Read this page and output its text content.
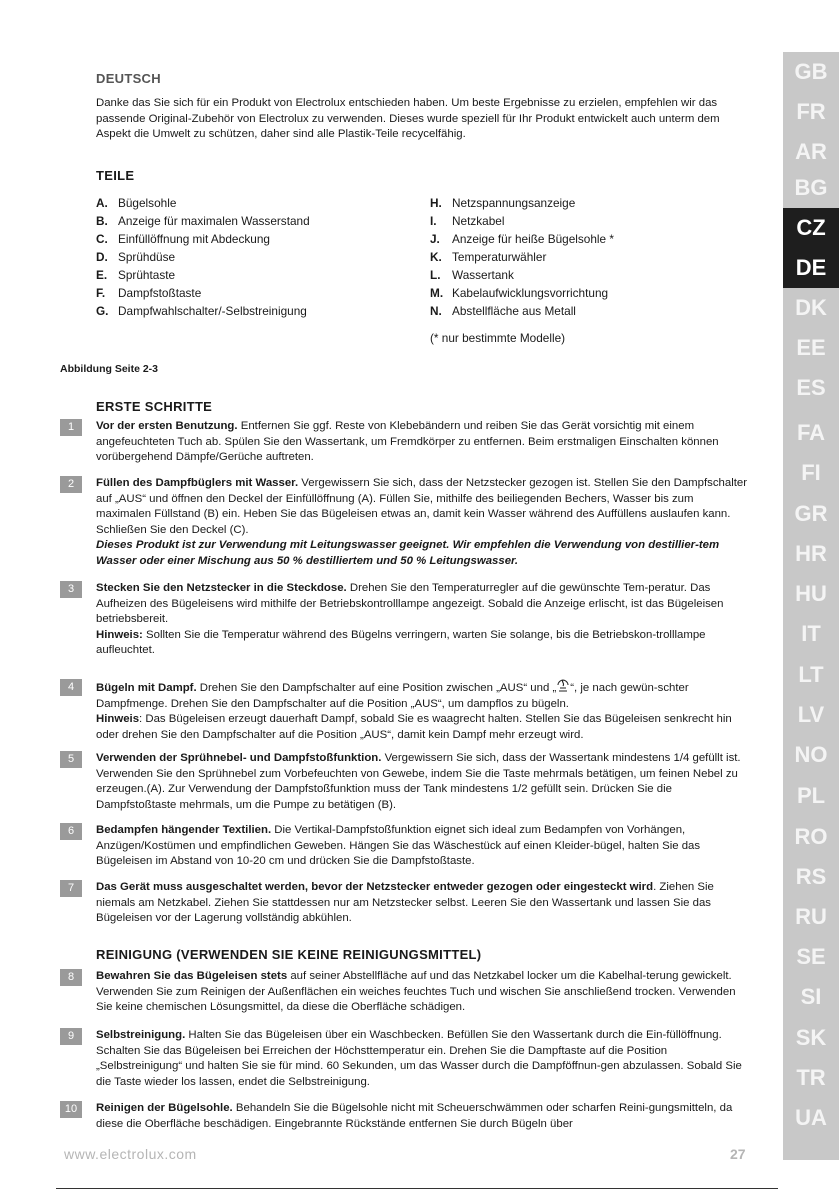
GB
FR
AR
BG
CZ
DE
DK
EE
ES
FA
FI
GR
HR
HU
IT
LT
LV
NO
PL
RO
RS
RU
SE
SI
SK
TR
UA
DEUTSCH

Danke das Sie sich für ein Produkt von Electrolux entschieden haben. Um beste Ergebnisse zu erzielen, empfehlen wir das passende Original-Zubehör von Electrolux zu verwenden. Dieses wurde speziell für Ihr Produkt entwickelt auch unterm dem Aspekt die Umwelt zu schützen, daher sind alle Plastik-Teile recycelfähig.

TEILE
A. Bügelsohle
B. Anzeige für maximalen Wasserstand
C. Einfüllöffnung mit Abdeckung
D. Sprühdüse
E. Sprühtaste
F. Dampfstoßtaste
G. Dampfwahlschalter/-Selbstreinigung
H. Netzspannungsanzeige
I. Netzkabel
J. Anzeige für heiße Bügelsohle *
K. Temperaturwähler
L. Wassertank
M. Kabelaufwicklungsvorrichtung
N. Abstellfläche aus Metall
(* nur bestimmte Modelle)
Abbildung Seite 2-3
ERSTE SCHRITTE
REINIGUNG (VERWENDEN SIE KEINE REINIGUNGSMITTEL)
1	Vor der ersten Benutzung. Entfernen Sie ggf. Reste von Klebebändern und reiben Sie das Gerät vorsichtig mit einem angefeuchteten Tuch ab. Spülen Sie den Wassertank, um Fremdkörper zu entfernen. Beim erstmaligen Einschalten können vorübergehend Dämpfe/Gerüche auftreten.

2	Füllen des Dampfbüglers mit Wasser. Vergewissern Sie sich, dass der Netzstecker gezogen ist. Stellen Sie den Dampfschalter auf „AUS“ und öffnen den Deckel der Einfüllöffnung (A). Füllen Sie, mithilfe des beiliegenden Bechers, Wasser bis zum maximalen Füllstand (B) ein. Heben Sie das Bügeleisen etwas an, damit kein Wasser während des Auffüllens auslaufen kann. Schließen Sie den Deckel (C).
Dieses Produkt ist zur Verwendung mit Leitungswasser geeignet. Wir empfehlen die Verwendung von destillier-tem Wasser oder einer Mischung aus 50 % destilliertem und 50 % Leitungswasser.

3	Stecken Sie den Netzstecker in die Steckdose. Drehen Sie den Temperaturregler auf die gewünschte Tem-peratur. Das Aufheizen des Bügeleisens wird mithilfe der Betriebskontrolllampe angezeigt. Sobald die Anzeige erlischt, ist das Bügeleisen betriebsbereit.
Hinweis: Sollten Sie die Temperatur während des Bügelns verringern, warten Sie solange, bis die Betriebskon-trolllampe aufleuchtet.

4	Bügeln mit Dampf. Drehen Sie den Dampfschalter auf eine Position zwischen „AUS“ und „ “, je nach gewün-schter Dampfmenge. Drehen Sie den Dampfschalter auf die Position „AUS“, um dampflos zu bügeln.
Hinweis: Das Bügeleisen erzeugt dauerhaft Dampf, sobald Sie es waagrecht halten. Stellen Sie das Bügeleisen senkrecht hin oder drehen Sie den Dampfschalter auf die Position „AUS“, damit kein Dampf mehr erzeugt wird.

5	Verwenden der Sprühnebel- und Dampfstoßfunktion. Vergewissern Sie sich, dass der Wassertank mindestens 1/4 gefüllt ist. Verwenden Sie den Sprühnebel zum Vorbefeuchten von Gewebe, indem Sie die Taste mehrmals betätigen, um feinen Nebel zu erzeugen.(A). Zur Verwendung der Dampfstoßfunktion muss der Tank mindestens 1/2 gefüllt sein. Drücken Sie die Dampfstoßtaste mehrmals, um die Pumpe zu betätigen (B).

6	Bedampfen hängender Textilien. Die Vertikal-Dampfstoßfunktion eignet sich ideal zum Bedampfen von Vorhängen, Anzügen/Kostümen und empfindlichen Geweben. Hängen Sie das Wäschestück auf einen Kleider-bügel, halten Sie das Bügeleisen im Abstand von 10-20 cm und drücken Sie die Dampfstoßtaste.

7	Das Gerät muss ausgeschaltet werden, bevor der Netzstecker entweder gezogen oder eingesteckt wird. Ziehen Sie niemals am Netzkabel. Ziehen Sie stattdessen nur am Netzstecker selbst. Leeren Sie den Wassertank und lassen Sie das Bügeleisen vor der Lagerung vollständig abkühlen.

8	Bewahren Sie das Bügeleisen stets auf seiner Abstellfläche auf und das Netzkabel locker um die Kabelhal-terung gewickelt. Verwenden Sie zum Reinigen der Außenflächen ein weiches feuchtes Tuch und wischen Sie anschließend trocken. Verwenden Sie keine chemischen Lösungsmittel, da diese die Oberfläche schädigen.

9	Selbstreinigung. Halten Sie das Bügeleisen über ein Waschbecken. Befüllen Sie den Wassertank durch die Ein-füllöffnung. Schalten Sie das Bügeleisen bei Erreichen der Höchsttemperatur ein. Drehen Sie die Dampftaste auf die Position „Selbstreinigung“ und halten Sie sie für mind. 60 Sekunden, um das Wasser durch die Dampföffnun-gen abzulassen. Sobald Sie die Taste wieder los lassen, endet die Selbstreinigung.

10	Reinigen der Bügelsohle. Behandeln Sie die Bügelsohle nicht mit Scheuerschwämmen oder scharfen Reini-gungsmitteln, da diese die Oberfläche beschädigen. Eingebrannte Rückstände entfernen Sie durch Bügeln über

www.electrolux.com	27
